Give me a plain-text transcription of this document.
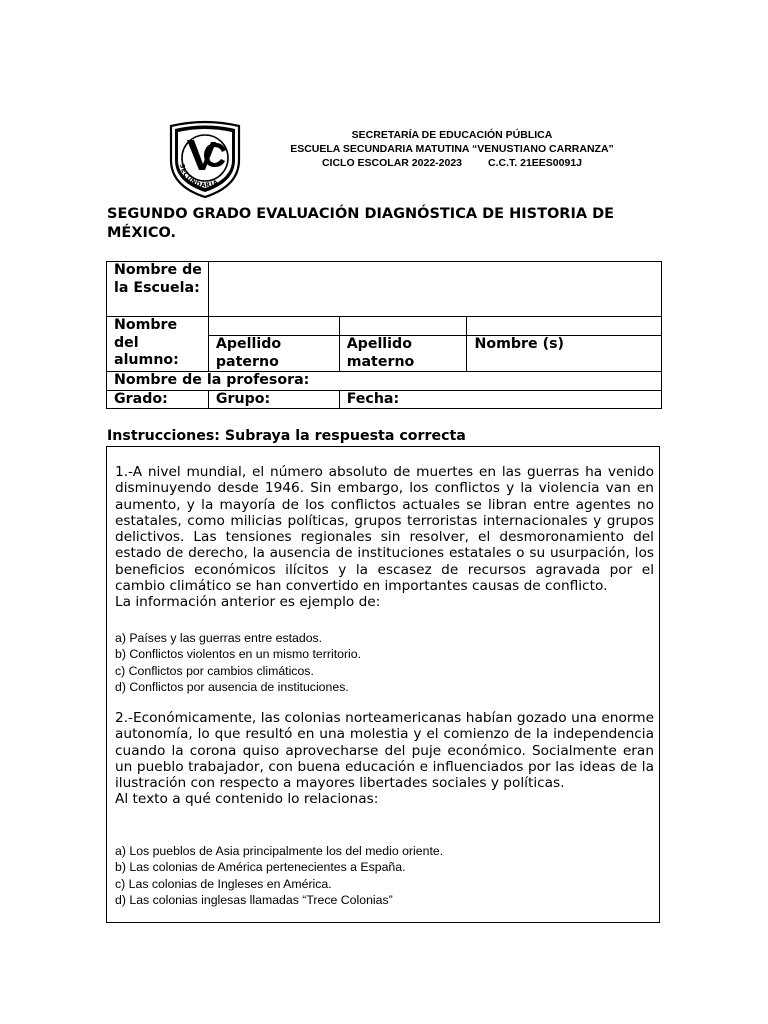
SECUNDARIA
SECRETARÍA DE EDUCACIÓN PÚBLICA
ESCUELA SECUNDARIA MATUTINA “VENUSTIANO CARRANZA”
CICLO ESCOLAR 2022-2023 C.C.T. 21EES0091J
SEGUNDO GRADO EVALUACIÓN DIAGNÓSTICA DE HISTORIA DE MÉXICO.
Nombre de la Escuela:			
Nombre del alumno:			
	Apellido paterno	Apellido materno	Nombre (s)
Nombre de la profesora:			
Grado:	Grupo:	Fecha:	
Instrucciones: Subraya la respuesta correcta
1.-A nivel mundial, el número absoluto de muertes en las guerras ha venido disminuyendo desde 1946. Sin embargo, los conflictos y la violencia van en aumento, y la mayoría de los conflictos actuales se libran entre agentes no estatales, como milicias políticas, grupos terroristas internacionales y grupos delictivos. Las tensiones regionales sin resolver, el desmoronamiento del estado de derecho, la ausencia de instituciones estatales o su usurpación, los beneficios económicos ilícitos y la escasez de recursos agravada por el cambio climático se han convertido en importantes causas de conflicto.
La información anterior es ejemplo de:
a) Países y las guerras entre estados.
b) Conflictos violentos en un mismo territorio.
c) Conflictos por cambios climáticos.
d) Conflictos por ausencia de instituciones.
2.-Económicamente, las colonias norteamericanas habían gozado una enorme autonomía, lo que resultó en una molestia y el comienzo de la independencia cuando la corona quiso aprovecharse del puje económico. Socialmente eran un pueblo trabajador, con buena educación e influenciados por las ideas de la ilustración con respecto a mayores libertades sociales y políticas.
Al texto a qué contenido lo relacionas:
a) Los pueblos de Asia principalmente los del medio oriente.
b) Las colonias de América pertenecientes a España.
c) Las colonias de Ingleses en América.
d) Las colonias inglesas llamadas “Trece Colonias”
